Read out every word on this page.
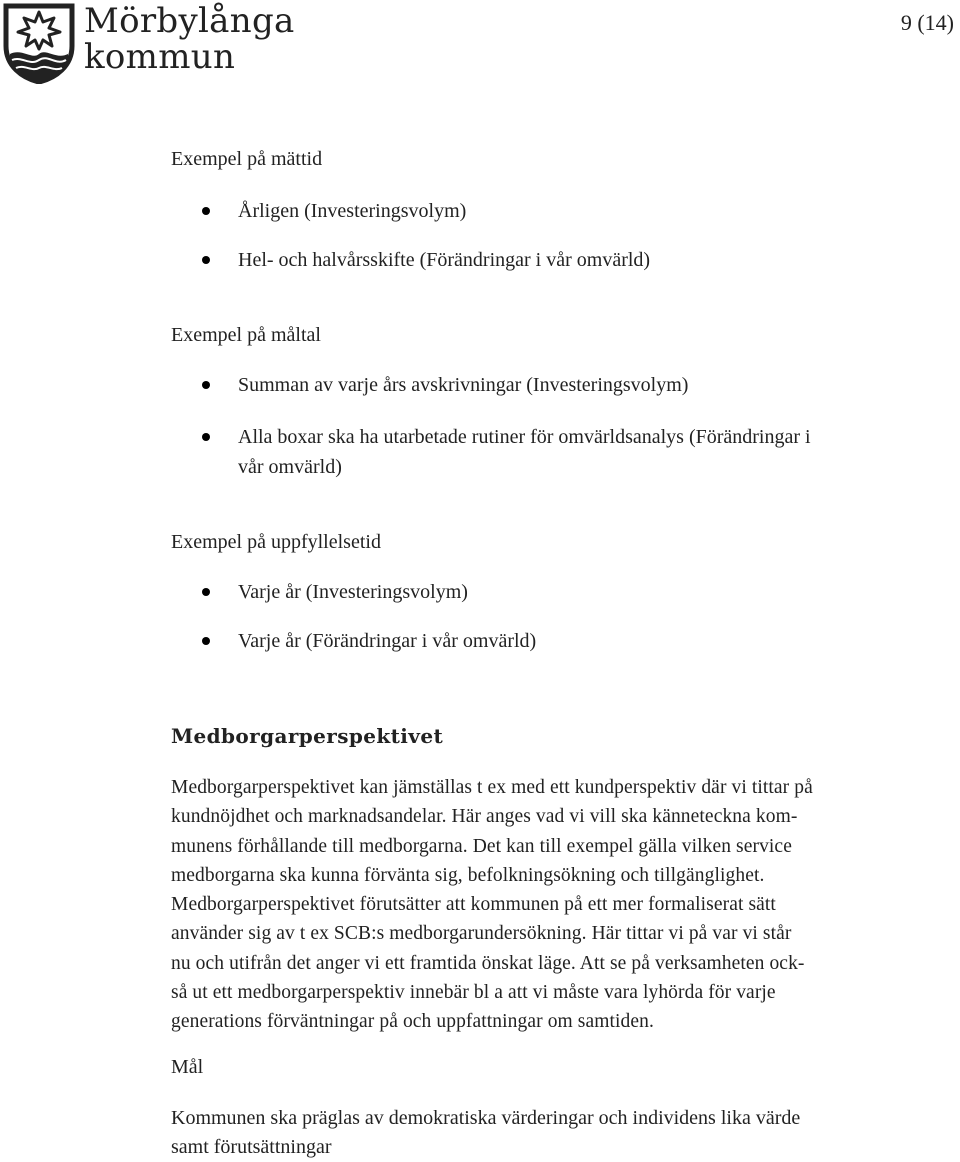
Mörbylånga
kommun
9 (14)
Exempel på mättid
Årligen (Investeringsvolym)
Hel- och halvårsskifte (Förändringar i vår omvärld)
Exempel på måltal
Summan av varje års avskrivningar (Investeringsvolym)
Alla boxar ska ha utarbetade rutiner för omvärldsanalys (Förändringar i
vår omvärld)
Exempel på uppfyllelsetid
Varje år (Investeringsvolym)
Varje år (Förändringar i vår omvärld)
Medborgarperspektivet
Medborgarperspektivet kan jämställas t ex med ett kundperspektiv där vi tittar på
kundnöjdhet och marknadsandelar. Här anges vad vi vill ska känneteckna kom-
munens förhållande till medborgarna. Det kan till exempel gälla vilken service
medborgarna ska kunna förvänta sig, befolkningsökning och tillgänglighet.
Medborgarperspektivet förutsätter att kommunen på ett mer formaliserat sätt
använder sig av t ex SCB:s medborgarundersökning. Här tittar vi på var vi står
nu och utifrån det anger vi ett framtida önskat läge. Att se på verksamheten ock-
så ut ett medborgarperspektiv innebär bl a att vi måste vara lyhörda för varje
generations förväntningar på och uppfattningar om samtiden.
Mål
Kommunen ska präglas av demokratiska värderingar och individens lika värde
samt förutsättningar
